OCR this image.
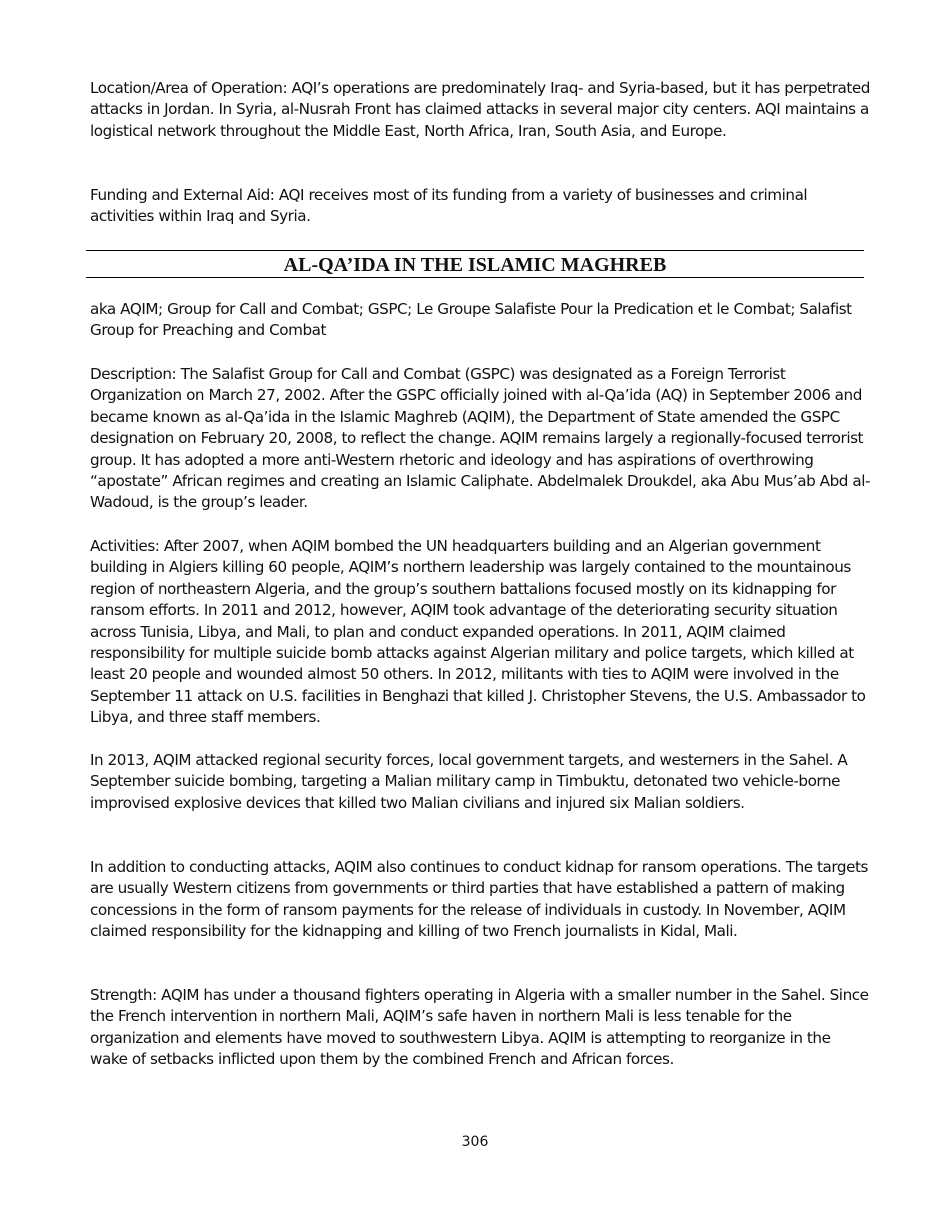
Location/Area of Operation: AQI’s operations are predominately Iraq- and Syria-based, but it has perpetrated attacks in Jordan. In Syria, al-Nusrah Front has claimed attacks in several major city centers. AQI maintains a logistical network throughout the Middle East, North Africa, Iran, South Asia, and Europe.

Funding and External Aid: AQI receives most of its funding from a variety of businesses and criminal activities within Iraq and Syria.

AL-QA’IDA IN THE ISLAMIC MAGHREB

aka AQIM; Group for Call and Combat; GSPC; Le Groupe Salafiste Pour la Predication et le Combat; Salafist Group for Preaching and Combat

Description: The Salafist Group for Call and Combat (GSPC) was designated as a Foreign Terrorist Organization on March 27, 2002. After the GSPC officially joined with al-Qa’ida (AQ) in September 2006 and became known as al-Qa’ida in the Islamic Maghreb (AQIM), the Department of State amended the GSPC designation on February 20, 2008, to reflect the change. AQIM remains largely a regionally-focused terrorist group. It has adopted a more anti-Western rhetoric and ideology and has aspirations of overthrowing “apostate” African regimes and creating an Islamic Caliphate. Abdelmalek Droukdel, aka Abu Mus’ab Abd al-Wadoud, is the group’s leader.

Activities: After 2007, when AQIM bombed the UN headquarters building and an Algerian government building in Algiers killing 60 people, AQIM’s northern leadership was largely contained to the mountainous region of northeastern Algeria, and the group’s southern battalions focused mostly on its kidnapping for ransom efforts. In 2011 and 2012, however, AQIM took advantage of the deteriorating security situation across Tunisia, Libya, and Mali, to plan and conduct expanded operations. In 2011, AQIM claimed responsibility for multiple suicide bomb attacks against Algerian military and police targets, which killed at least 20 people and wounded almost 50 others. In 2012, militants with ties to AQIM were involved in the September 11 attack on U.S. facilities in Benghazi that killed J. Christopher Stevens, the U.S. Ambassador to Libya, and three staff members.

In 2013, AQIM attacked regional security forces, local government targets, and westerners in the Sahel. A September suicide bombing, targeting a Malian military camp in Timbuktu, detonated two vehicle-borne improvised explosive devices that killed two Malian civilians and injured six Malian soldiers.

In addition to conducting attacks, AQIM also continues to conduct kidnap for ransom operations. The targets are usually Western citizens from governments or third parties that have established a pattern of making concessions in the form of ransom payments for the release of individuals in custody. In November, AQIM claimed responsibility for the kidnapping and killing of two French journalists in Kidal, Mali.

Strength: AQIM has under a thousand fighters operating in Algeria with a smaller number in the Sahel. Since the French intervention in northern Mali, AQIM’s safe haven in northern Mali is less tenable for the organization and elements have moved to southwestern Libya. AQIM is attempting to reorganize in the wake of setbacks inflicted upon them by the combined French and African forces.

306
